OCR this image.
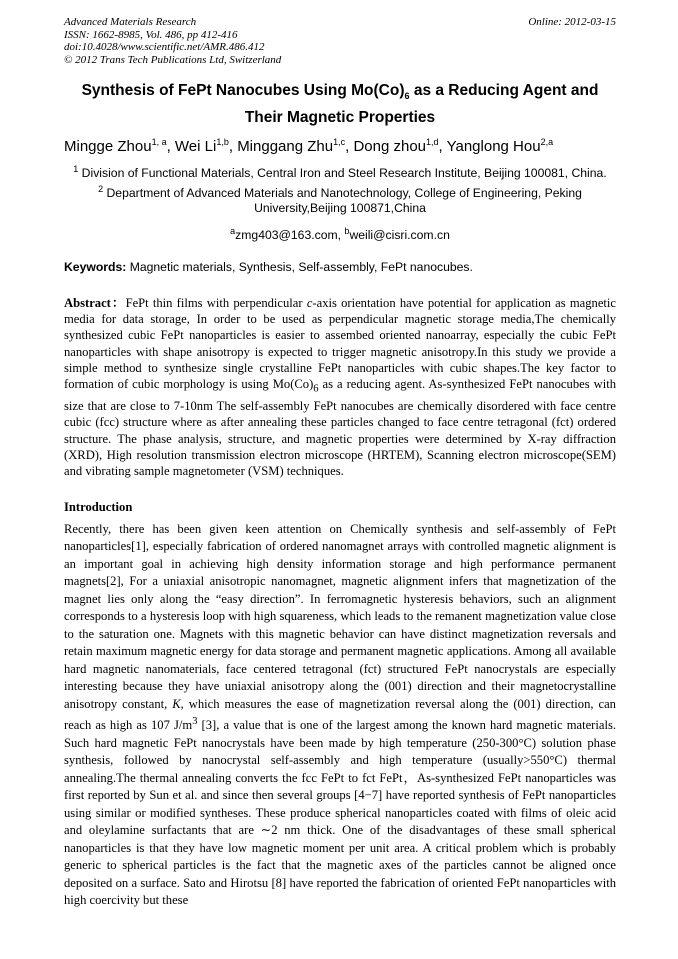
Advanced Materials Research
ISSN: 1662-8985, Vol. 486, pp 412-416
doi:10.4028/www.scientific.net/AMR.486.412
© 2012 Trans Tech Publications Ltd, Switzerland
Online: 2012-03-15
Synthesis of FePt Nanocubes Using $Mo(Co)_6$ as a Reducing Agent and Their Magnetic Properties
Mingge Zhou$^{1, a}$, Wei Li$^{1,b}$, Minggang Zhu$^{1,c}$, Dong zhou$^{1,d}$, Yanglong Hou$^{2,a}$
$^1$ Division of Functional Materials, Central Iron and Steel Research Institute, Beijing 100081, China.
$^2$ Department of Advanced Materials and Nanotechnology, College of Engineering, Peking University,Beijing 100871,China
$^a$zmg403@163.com, $^b$weili@cisri.com.cn
Keywords: Magnetic materials, Synthesis, Self-assembly, FePt nanocubes.
Abstract：FePt thin films with perpendicular c-axis orientation have potential for application as magnetic media for data storage, In order to be used as perpendicular magnetic storage media,The chemically synthesized cubic FePt nanoparticles is easier to assembed oriented nanoarray, especially the cubic FePt nanoparticles with shape anisotropy is expected to trigger magnetic anisotropy.In this study we provide a simple method to synthesize single crystalline FePt nanoparticles with cubic shapes.The key factor to formation of cubic morphology is using $Mo(Co)_6$ as a reducing agent. As-synthesized FePt nanocubes with size that are close to 7-10nm The self-assembly FePt nanocubes are chemically disordered with face centre cubic (fcc) structure where as after annealing these particles changed to face centre tetragonal (fct) ordered structure. The phase analysis, structure, and magnetic properties were determined by X-ray diffraction (XRD), High resolution transmission electron microscope (HRTEM), Scanning electron microscope(SEM) and vibrating sample magnetometer (VSM) techniques.
Introduction
Recently, there has been given keen attention on Chemically synthesis and self-assembly of FePt nanoparticles[1], especially fabrication of ordered nanomagnet arrays with controlled magnetic alignment is an important goal in achieving high density information storage and high performance permanent magnets[2], For a uniaxial anisotropic nanomagnet, magnetic alignment infers that magnetization of the magnet lies only along the “easy direction”. In ferromagnetic hysteresis behaviors, such an alignment corresponds to a hysteresis loop with high squareness, which leads to the remanent magnetization value close to the saturation one. Magnets with this magnetic behavior can have distinct magnetization reversals and retain maximum magnetic energy for data storage and permanent magnetic applications. Among all available hard magnetic nanomaterials, face centered tetragonal (fct) structured FePt nanocrystals are especially interesting because they have uniaxial anisotropy along the (001) direction and their magnetocrystalline anisotropy constant, K, which measures the ease of magnetization reversal along the (001) direction, can reach as high as 107 $J/m^3$ [3], a value that is one of the largest among the known hard magnetic materials. Such hard magnetic FePt nanocrystals have been made by high temperature (250-300°C) solution phase synthesis, followed by nanocrystal self-assembly and high temperature (usually>550°C) thermal annealing.The thermal annealing converts the fcc FePt to fct FePt，As-synthesized FePt nanoparticles was first reported by Sun et al. and since then several groups [4−7] have reported synthesis of FePt nanoparticles using similar or modified syntheses. These produce spherical nanoparticles coated with films of oleic acid and oleylamine surfactants that are ∼2 nm thick. One of the disadvantages of these small spherical nanoparticles is that they have low magnetic moment per unit area. A critical problem which is probably generic to spherical particles is the fact that the magnetic axes of the particles cannot be aligned once deposited on a surface. Sato and Hirotsu [8] have reported the fabrication of oriented FePt nanoparticles with high coercivity but these
